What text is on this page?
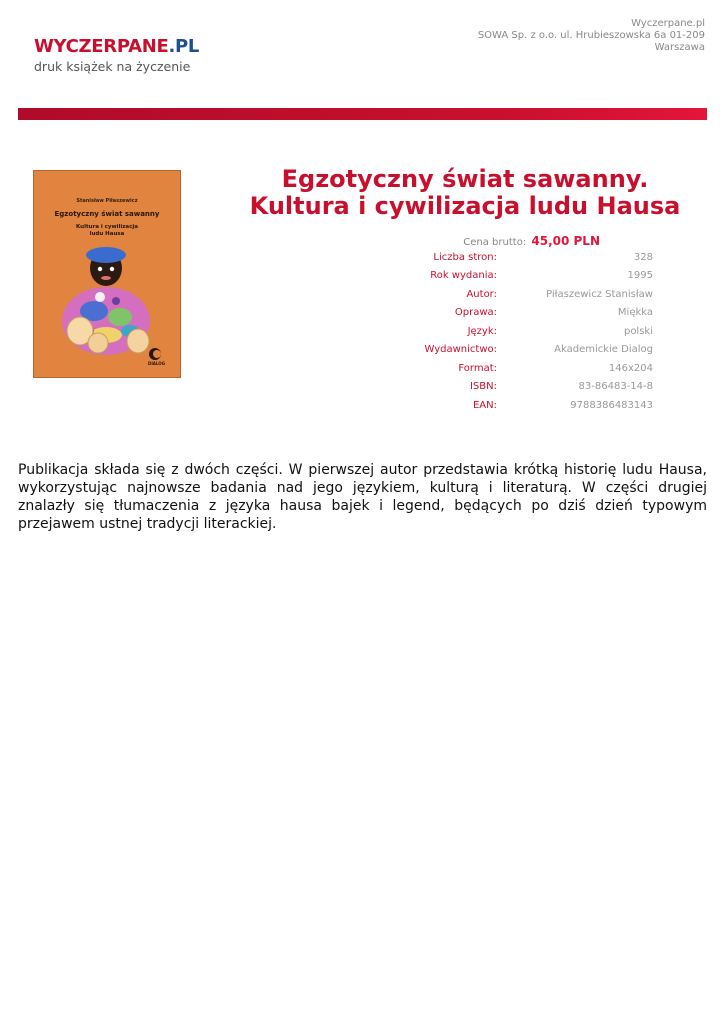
WYCZERPANE.PL
druk książek na życzenie
Wyczerpane.pl
SOWA Sp. z o.o. ul. Hrubieszowska 6a 01-209
Warszawa
Stanisław Piłaszewicz
Egzotyczny świat sawanny
Kultura i cywilizacja
ludu Hausa
DIALOG
Egzotyczny świat sawanny.
Kultura i cywilizacja ludu Hausa
Cena brutto: 45,00 PLN
Liczba stron:	328
Rok wydania:	1995
Autor:	Piłaszewicz Stanisław
Oprawa:	Miękka
Język:	polski
Wydawnictwo:	Akademickie Dialog
Format:	146x204
ISBN:	83-86483-14-8
EAN:	9788386483143

Publikacja składa się z dwóch części. W pierwszej autor przedstawia krótką historię ludu Hausa, wykorzystując najnowsze badania nad jego językiem, kulturą i literaturą. W części drugiej znalazły się tłumaczenia z języka hausa bajek i legend, będących po dziś dzień typowym przejawem ustnej tradycji literackiej.
